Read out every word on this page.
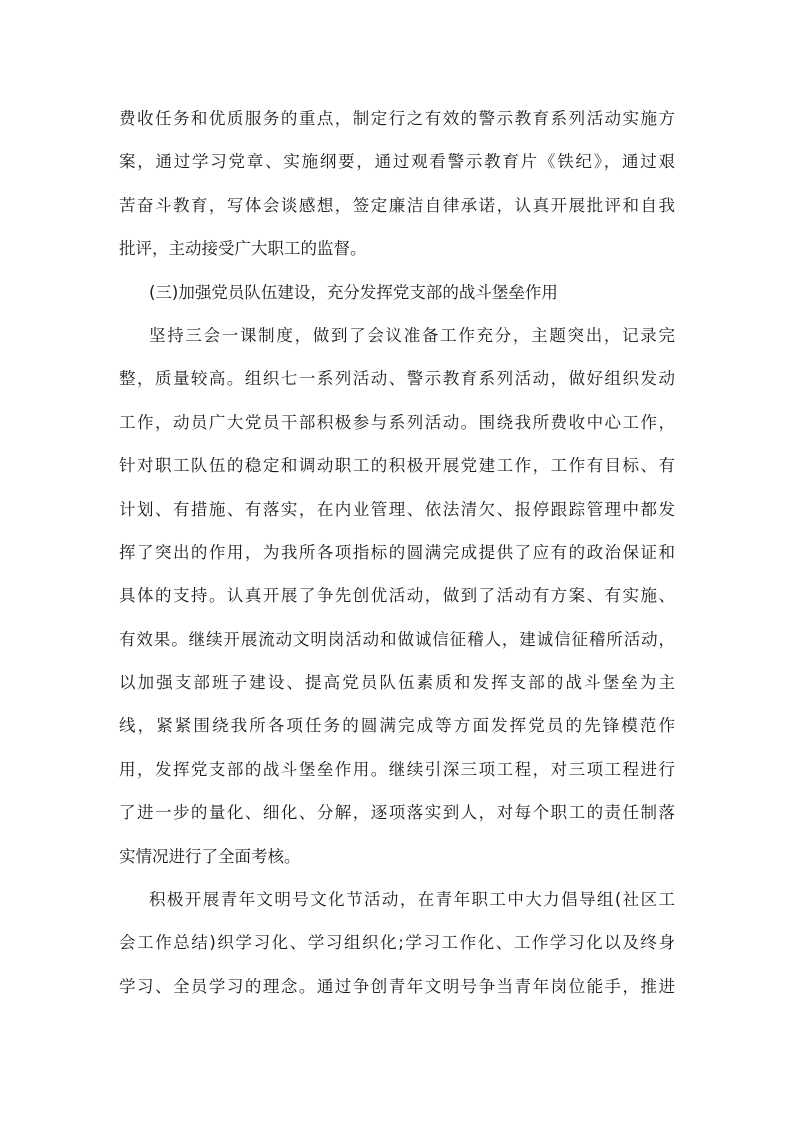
费收任务和优质服务的重点，制定行之有效的警示教育系列活动实施方
案，通过学习党章、实施纲要，通过观看警示教育片《铁纪》，通过艰
苦奋斗教育，写体会谈感想，签定廉洁自律承诺，认真开展批评和自我
批评，主动接受广大职工的监督。
(三)加强党员队伍建设，充分发挥党支部的战斗堡垒作用
坚持三会一课制度，做到了会议准备工作充分，主题突出，记录完
整，质量较高。组织七一系列活动、警示教育系列活动，做好组织发动
工作，动员广大党员干部积极参与系列活动。围绕我所费收中心工作，
针对职工队伍的稳定和调动职工的积极开展党建工作，工作有目标、有
计划、有措施、有落实，在内业管理、依法清欠、报停跟踪管理中都发
挥了突出的作用，为我所各项指标的圆满完成提供了应有的政治保证和
具体的支持。认真开展了争先创优活动，做到了活动有方案、有实施、
有效果。继续开展流动文明岗活动和做诚信征稽人，建诚信征稽所活动，
以加强支部班子建设、提高党员队伍素质和发挥支部的战斗堡垒为主
线，紧紧围绕我所各项任务的圆满完成等方面发挥党员的先锋模范作
用，发挥党支部的战斗堡垒作用。继续引深三项工程，对三项工程进行
了进一步的量化、细化、分解，逐项落实到人，对每个职工的责任制落
实情况进行了全面考核。
积极开展青年文明号文化节活动，在青年职工中大力倡导组(社区工
会工作总结)织学习化、学习组织化;学习工作化、工作学习化以及终身
学习、全员学习的理念。通过争创青年文明号争当青年岗位能手，推进
